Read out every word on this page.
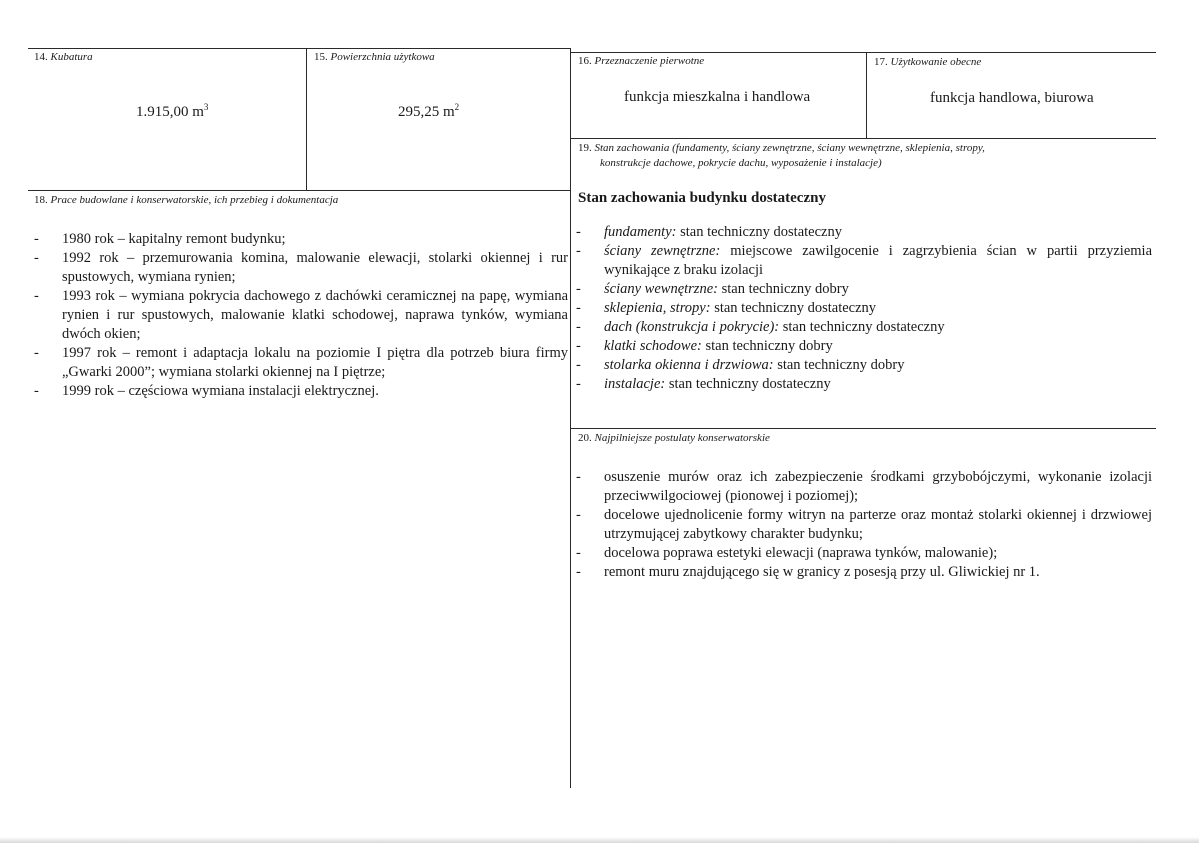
14. Kubatura
1.915,00 $m^3$
15. Powierzchnia użytkowa
295,25 $m^2$
16. Przeznaczenie pierwotne
funkcja mieszkalna i handlowa
17. Użytkowanie obecne
funkcja handlowa, biurowa
19. Stan zachowania (fundamenty, ściany zewnętrzne, ściany wewnętrzne, sklepienia, stropy,
konstrukcje dachowe, pokrycie dachu, wyposażenie i instalacje)
18. Prace budowlane i konserwatorskie, ich przebieg i dokumentacja	Stan zachowania budynku dostateczny
- 1980 rok – kapitalny remont budynku;
- 1992 rok – przemurowania komina, malowanie elewacji, stolarki okiennej i rur spustowych, wymiana rynien;
- 1993 rok – wymiana pokrycia dachowego z dachówki ceramicznej na papę, wymiana rynien i rur spustowych, malowanie klatki schodowej, naprawa tynków, wymiana dwóch okien;
- 1997 rok – remont i adaptacja lokalu na poziomie I piętra dla potrzeb biura firmy „Gwarki 2000”; wymiana stolarki okiennej na I piętrze;
- 1999 rok – częściowa wymiana instalacji elektrycznej.
- fundamenty: stan techniczny dostateczny
- ściany zewnętrzne: miejscowe zawilgocenie i zagrzybienia ścian w partii przyziemia wynikające z braku izolacji
- ściany wewnętrzne: stan techniczny dobry
- sklepienia, stropy: stan techniczny dostateczny
- dach (konstrukcja i pokrycie): stan techniczny dostateczny
- klatki schodowe: stan techniczny dobry
- stolarka okienna i drzwiowa: stan techniczny dobry
- instalacje: stan techniczny dostateczny
20. Najpilniejsze postulaty konserwatorskie
- osuszenie murów oraz ich zabezpieczenie środkami grzybobójczymi, wykonanie izolacji przeciwwilgociowej (pionowej i poziomej);
- docelowe ujednolicenie formy witryn na parterze oraz montaż stolarki okiennej i drzwiowej utrzymującej zabytkowy charakter budynku;
- docelowa poprawa estetyki elewacji (naprawa tynków, malowanie);
- remont muru znajdującego się w granicy z posesją przy ul. Gliwickiej nr 1.
